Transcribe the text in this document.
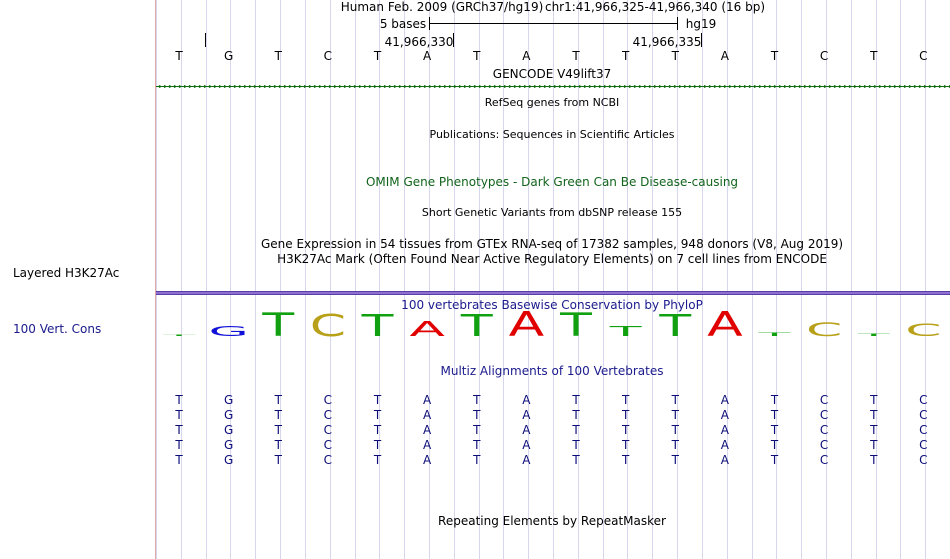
Layered H3K27Ac
100 Vert. Cons
Human Feb. 2009 (GRCh37/hg19) chr1:41,966,325-41,966,340 (16 bp)
5 bases	hg19
41,966,330	41,966,335
T	G	T	C	T	A	T	A	T	T	T	A	T	C	T	C
GENCODE V49lift37
RefSeq genes from NCBI
Publications: Sequences in Scientific Articles
OMIM Gene Phenotypes - Dark Green Can Be Disease-causing
Short Genetic Variants from dbSNP release 155
Gene Expression in 54 tissues from GTEx RNA-seq of 17382 samples, 948 donors (V8, Aug 2019)
H3K27Ac Mark (Often Found Near Active Regulatory Elements) on 7 cell lines from ENCODE
100 vertebrates Basewise Conservation by PhyloP
Multiz Alignments of 100 Vertebrates
T	G	T	C	T	A	T	A	T	T	T	A	T	C	T	C
T	G	T	C	T	A	T	A	T	T	T	A	T	C	T	C
T	G	T	C	T	A	T	A	T	T	T	A	T	C	T	C
T	G	T	C	T	A	T	A	T	T	T	A	T	C	T	C
T	G	T	C	T	A	T	A	T	T	T	A	T	C	T	C
Repeating Elements by RepeatMasker
T G T C T A T A T T T A T C T C
